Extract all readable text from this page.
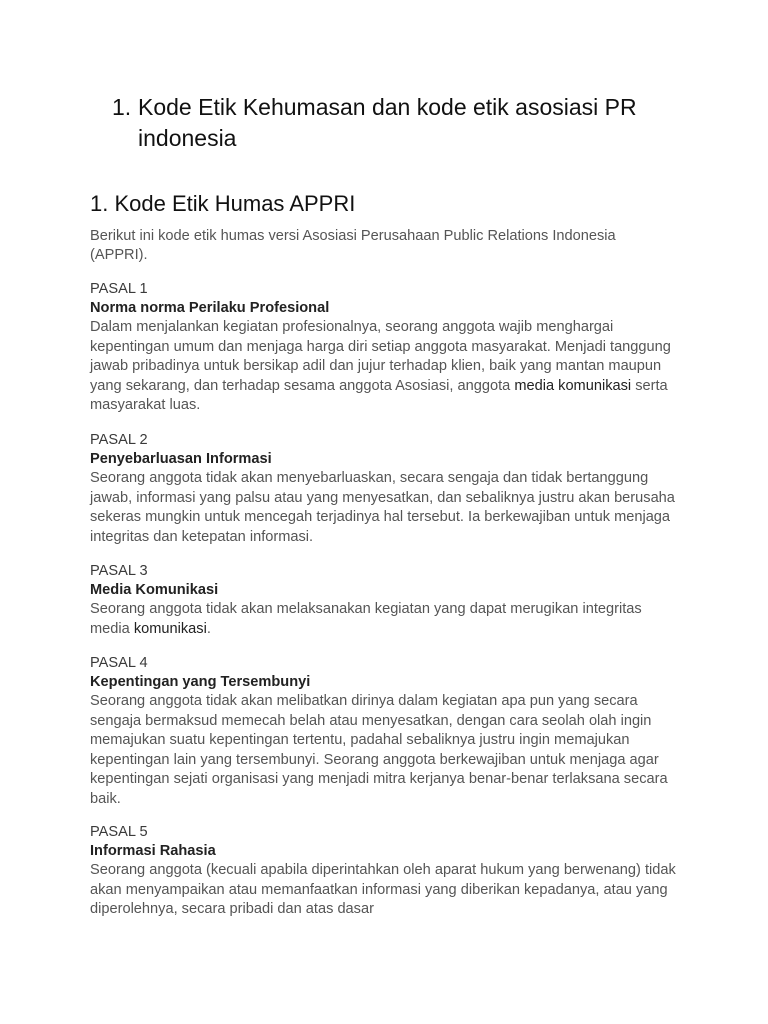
1. Kode Etik Kehumasan dan kode etik asosiasi PR indonesia
1. Kode Etik Humas APPRI

Berikut ini kode etik humas versi Asosiasi Perusahaan Public Relations Indonesia (APPRI).

PASAL 1

Norma norma Perilaku Profesional

Dalam menjalankan kegiatan profesionalnya, seorang anggota wajib menghargai kepentingan umum dan menjaga harga diri setiap anggota masyarakat. Menjadi tanggung jawab pribadinya untuk bersikap adil dan jujur terhadap klien, baik yang mantan maupun yang sekarang, dan terhadap sesama anggota Asosiasi, anggota media komunikasi serta masyarakat luas.

PASAL 2

Penyebarluasan Informasi

Seorang anggota tidak akan menyebarluaskan, secara sengaja dan tidak bertanggung jawab, informasi yang palsu atau yang menyesatkan, dan sebaliknya justru akan berusaha sekeras mungkin untuk mencegah terjadinya hal tersebut. Ia berkewajiban untuk menjaga integritas dan ketepatan informasi.

PASAL 3

Media Komunikasi

Seorang anggota tidak akan melaksanakan kegiatan yang dapat merugikan integritas media komunikasi.

PASAL 4

Kepentingan yang Tersembunyi

Seorang anggota tidak akan melibatkan dirinya dalam kegiatan apa pun yang secara sengaja bermaksud memecah belah atau menyesatkan, dengan cara seolah olah ingin memajukan suatu kepentingan tertentu, padahal sebaliknya justru ingin memajukan kepentingan lain yang tersembunyi. Seorang anggota berkewajiban untuk menjaga agar kepentingan sejati organisasi yang menjadi mitra kerjanya benar-benar terlaksana secara baik.

PASAL 5

Informasi Rahasia

Seorang anggota (kecuali apabila diperintahkan oleh aparat hukum yang berwenang) tidak akan menyampaikan atau memanfaatkan informasi yang diberikan kepadanya, atau yang diperolehnya, secara pribadi dan atas dasar
